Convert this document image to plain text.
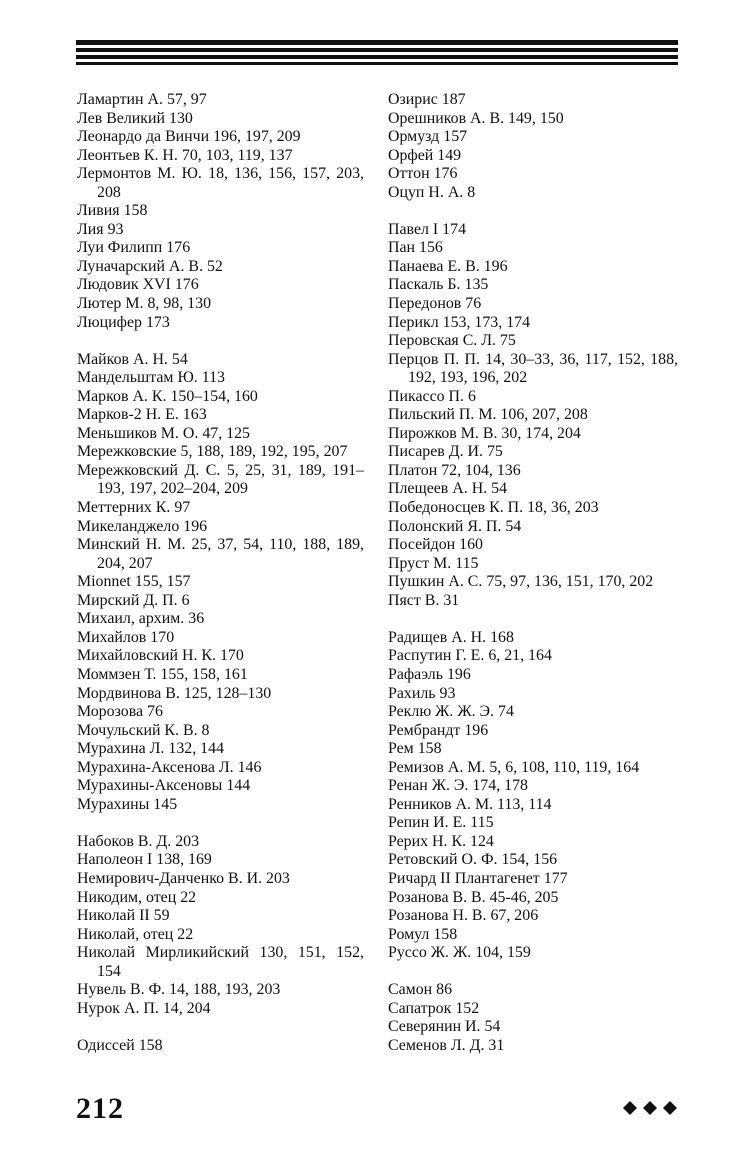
Ламартин А. 57, 97
Лев Великий 130
Леонардо да Винчи 196, 197, 209
Леонтьев К. Н. 70, 103, 119, 137
Лермонтов М. Ю. 18, 136, 156, 157, 203, 208
Ливия 158
Лия 93
Луи Филипп 176
Луначарский А. В. 52
Людовик XVI 176
Лютер М. 8, 98, 130
Люцифер 173
Майков А. Н. 54
Мандельштам Ю. 113
Марков А. К. 150–154, 160
Марков-2 Н. Е. 163
Меньшиков М. О. 47, 125
Мережковские 5, 188, 189, 192, 195, 207
Мережковский Д. С. 5, 25, 31, 189, 191–193, 197, 202–204, 209
Меттерних К. 97
Микеланджело 196
Минский Н. М. 25, 37, 54, 110, 188, 189, 204, 207
Mionnet 155, 157
Мирский Д. П. 6
Михаил, архим. 36
Михайлов 170
Михайловский Н. К. 170
Моммзен Т. 155, 158, 161
Мордвинова В. 125, 128–130
Морозова 76
Мочульский К. В. 8
Мурахина Л. 132, 144
Мурахина-Аксенова Л. 146
Мурахины-Аксеновы 144
Мурахины 145
Набоков В. Д. 203
Наполеон I 138, 169
Немирович-Данченко В. И. 203
Никодим, отец 22
Николай II 59
Николай, отец 22
Николай Мирликийский 130, 151, 152, 154
Нувель В. Ф. 14, 188, 193, 203
Нурок А. П. 14, 204
Одиссей 158
Озирис 187
Орешников А. В. 149, 150
Ормузд 157
Орфей 149
Оттон 176
Оцуп Н. А. 8
Павел I 174
Пан 156
Панаева Е. В. 196
Паскаль Б. 135
Передонов 76
Перикл 153, 173, 174
Перовская С. Л. 75
Перцов П. П. 14, 30–33, 36, 117, 152, 188, 192, 193, 196, 202
Пикассо П. 6
Пильский П. М. 106, 207, 208
Пирожков М. В. 30, 174, 204
Писарев Д. И. 75
Платон 72, 104, 136
Плещеев А. Н. 54
Победоносцев К. П. 18, 36, 203
Полонский Я. П. 54
Посейдон 160
Пруст М. 115
Пушкин А. С. 75, 97, 136, 151, 170, 202
Пяст В. 31
Радищев А. Н. 168
Распутин Г. Е. 6, 21, 164
Рафаэль 196
Рахиль 93
Реклю Ж. Ж. Э. 74
Рембрандт 196
Рем 158
Ремизов А. М. 5, 6, 108, 110, 119, 164
Ренан Ж. Э. 174, 178
Ренников А. М. 113, 114
Репин И. Е. 115
Рерих Н. К. 124
Ретовский О. Ф. 154, 156
Ричард II Плантагенет 177
Розанова В. В. 45-46, 205
Розанова Н. В. 67, 206
Ромул 158
Руссо Ж. Ж. 104, 159
Самон 86
Сапатрок 152
Северянин И. 54
Семенов Л. Д. 31
212
